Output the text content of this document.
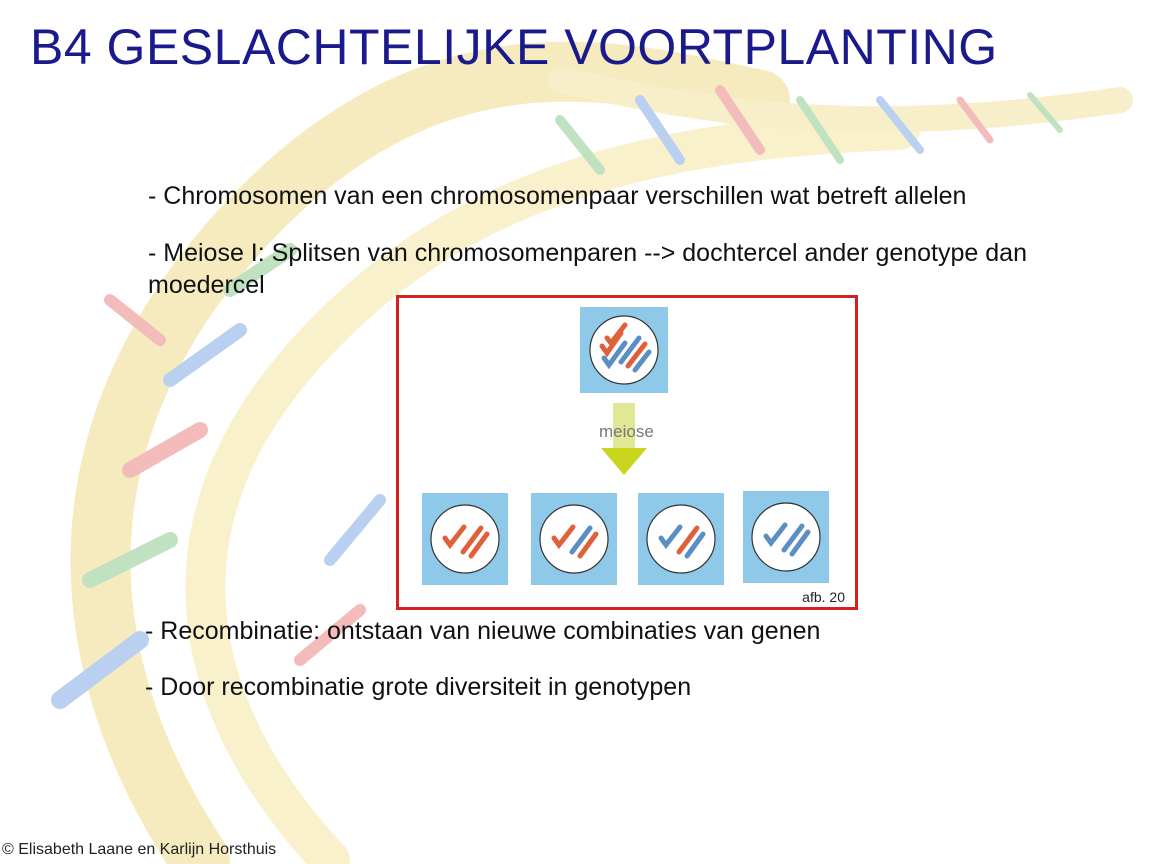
B4 GESLACHTELIJKE VOORTPLANTING
- Chromosomen van een chromosomenpaar verschillen wat betreft allelen
- Meiose I: Splitsen van chromosomenparen --> dochtercel ander genotype dan moedercel
meiose
afb. 20
- Recombinatie: ontstaan van nieuwe combinaties van genen
- Door recombinatie grote diversiteit in genotypen
© Elisabeth Laane en Karlijn Horsthuis
